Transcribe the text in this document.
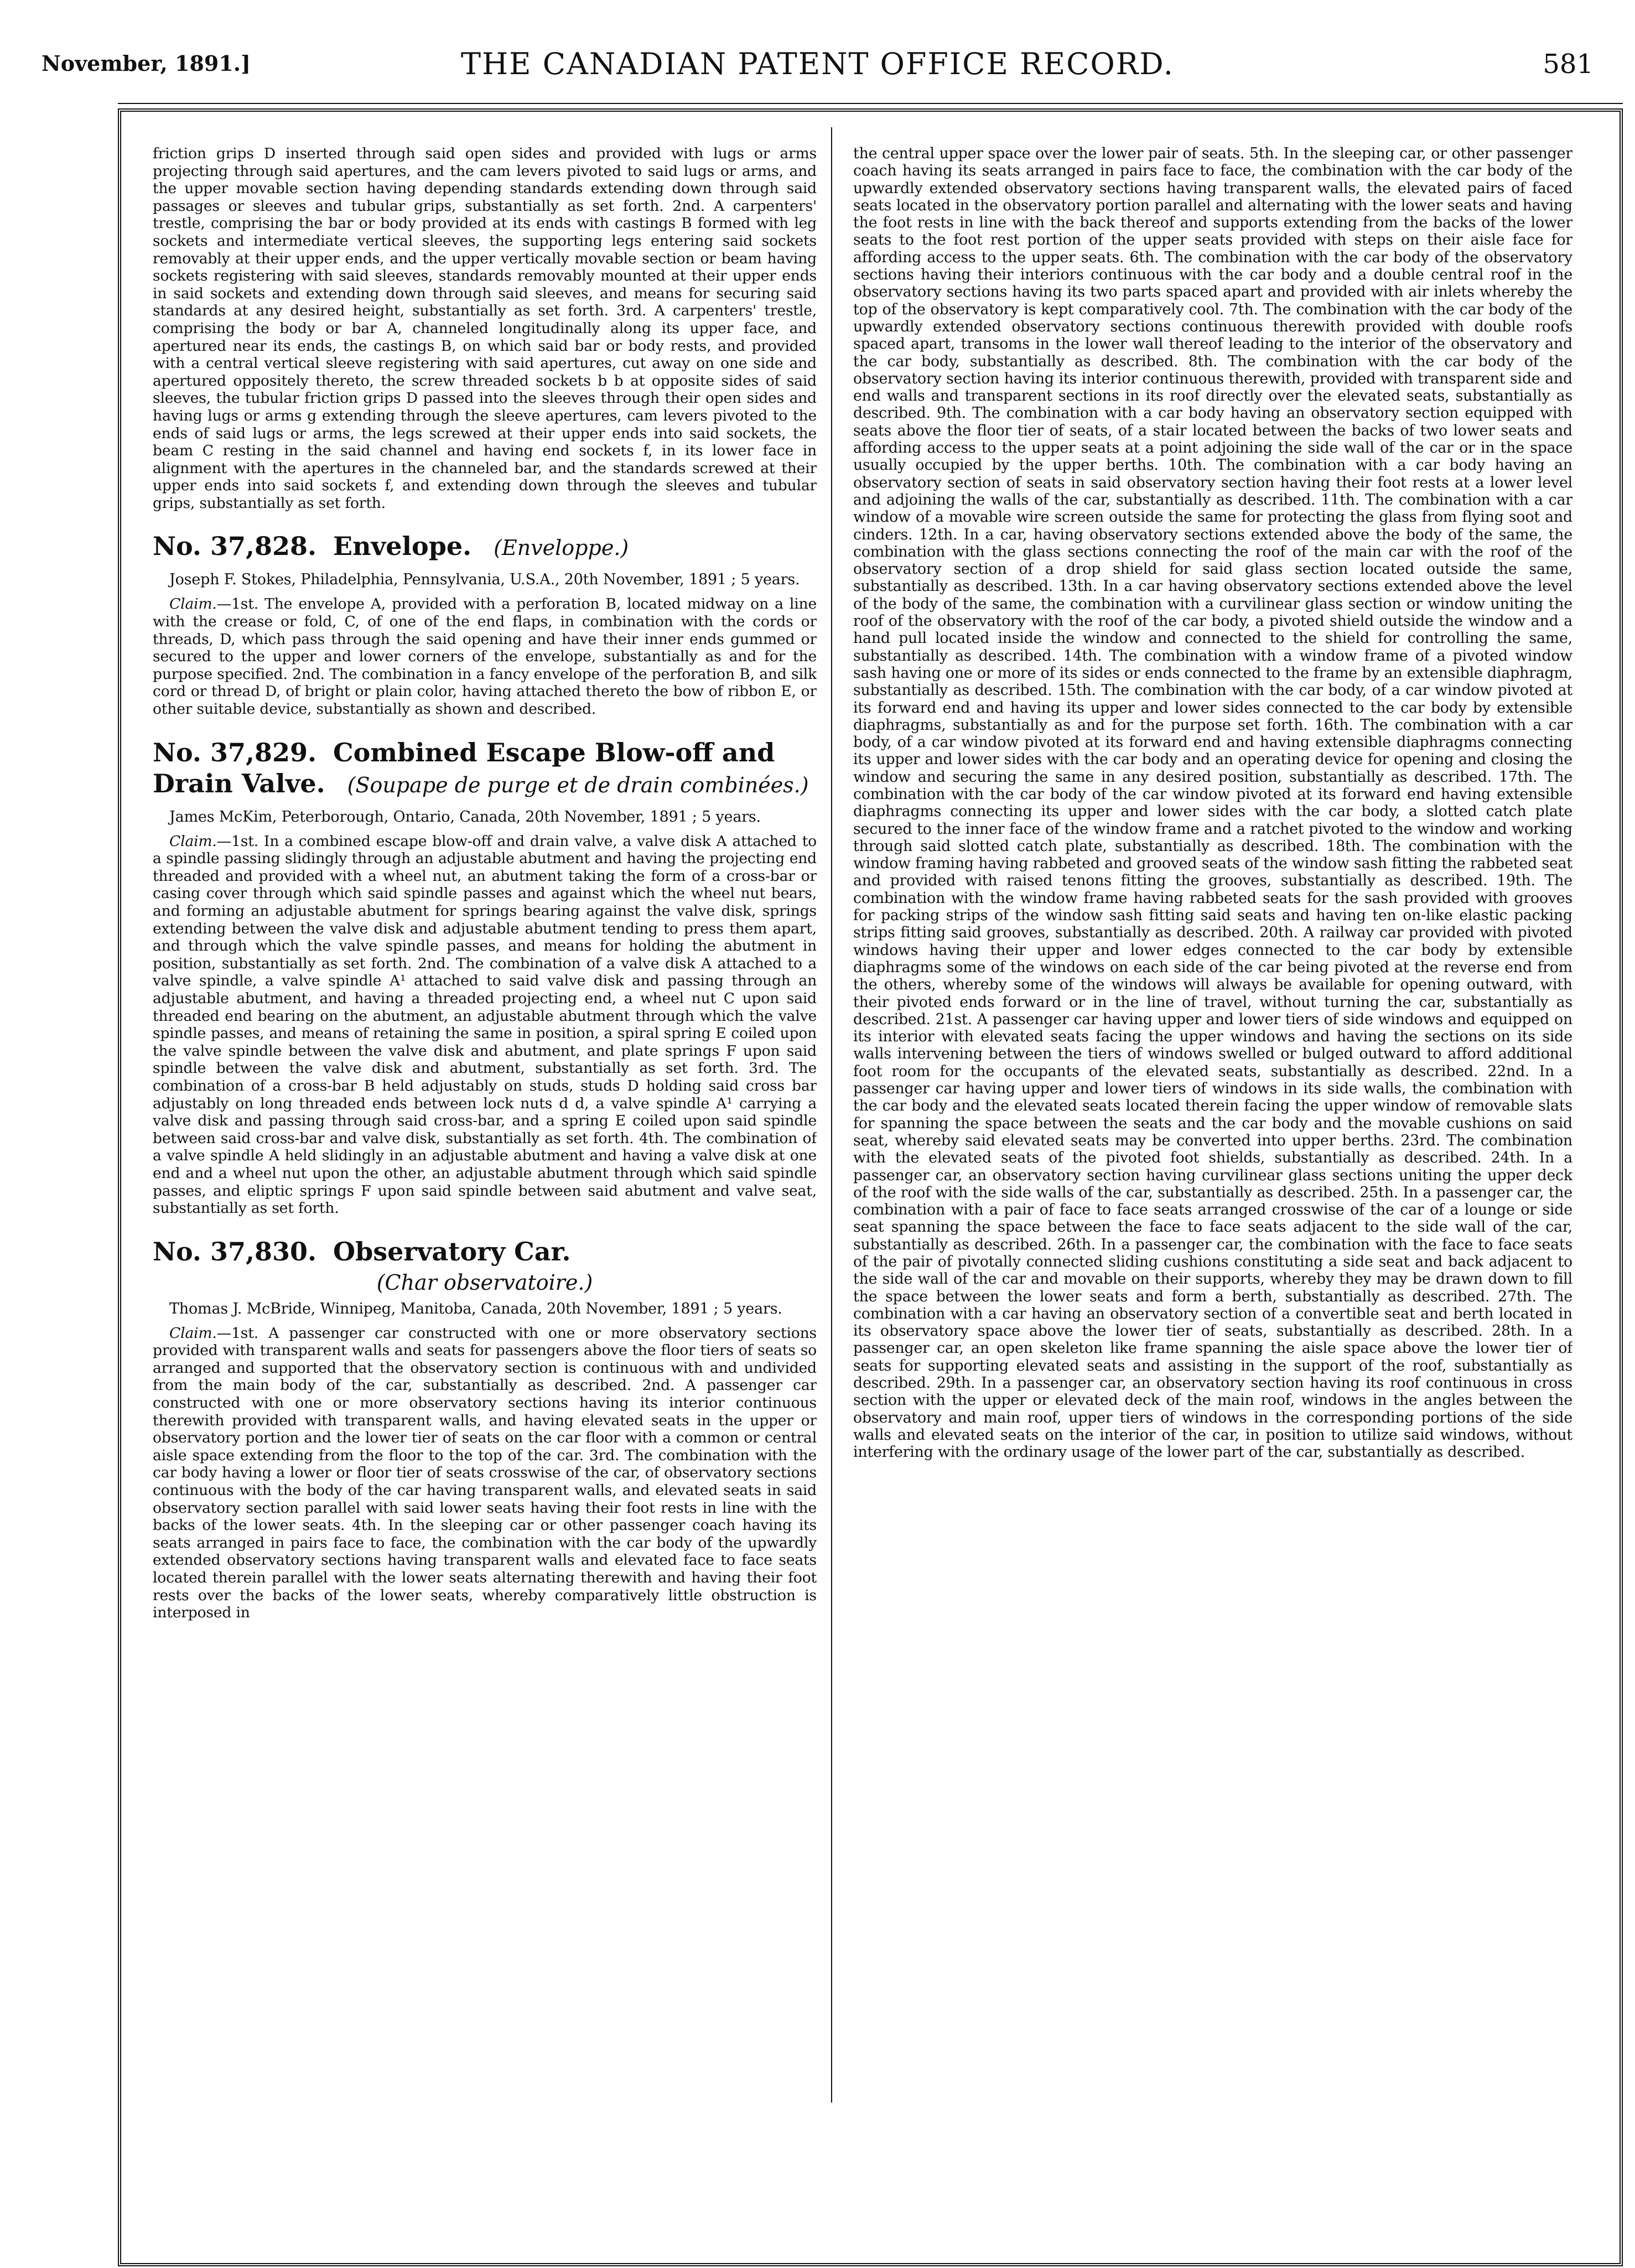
November, 1891.]	THE CANADIAN PATENT OFFICE RECORD.	581

friction grips D inserted through said open sides and provided with lugs or arms projecting through said apertures, and the cam levers pivoted to said lugs or arms, and the upper movable section having depending standards extending down through said passages or sleeves and tubular grips, substantially as set forth. 2nd. A carpenters' trestle, comprising the bar or body provided at its ends with castings B formed with leg sockets and intermediate vertical sleeves, the supporting legs entering said sockets removably at their upper ends, and the upper vertically movable section or beam having sockets registering with said sleeves, standards removably mounted at their upper ends in said sockets and extending down through said sleeves, and means for securing said standards at any desired height, substantially as set forth. 3rd. A carpenters' trestle, comprising the body or bar A, channeled longitudinally along its upper face, and apertured near its ends, the castings B, on which said bar or body rests, and provided with a central vertical sleeve registering with said apertures, cut away on one side and apertured oppositely thereto, the screw threaded sockets b b at opposite sides of said sleeves, the tubular friction grips D passed into the sleeves through their open sides and having lugs or arms g extending through the sleeve apertures, cam levers pivoted to the ends of said lugs or arms, the legs screwed at their upper ends into said sockets, the beam C resting in the said channel and having end sockets f, in its lower face in alignment with the apertures in the channeled bar, and the standards screwed at their upper ends into said sockets f, and extending down through the sleeves and tubular grips, substantially as set forth.

No. 37,828. Envelope. (Enveloppe.)

Joseph F. Stokes, Philadelphia, Pennsylvania, U.S.A., 20th November, 1891 ; 5 years.

Claim.—1st. The envelope A, provided with a perforation B, located midway on a line with the crease or fold, C, of one of the end flaps, in combination with the cords or threads, D, which pass through the said opening and have their inner ends gummed or secured to the upper and lower corners of the envelope, substantially as and for the purpose specified. 2nd. The combination in a fancy envelope of the perforation B, and silk cord or thread D, of bright or plain color, having attached thereto the bow of ribbon E, or other suitable device, substantially as shown and described.

No. 37,829. Combined Escape Blow-off and Drain Valve. (Soupape de purge et de drain combinées.)

James McKim, Peterborough, Ontario, Canada, 20th November, 1891 ; 5 years.

Claim.—1st. In a combined escape blow-off and drain valve, a valve disk A attached to a spindle passing slidingly through an adjustable abutment and having the projecting end threaded and provided with a wheel nut, an abutment taking the form of a cross-bar or casing cover through which said spindle passes and against which the wheel nut bears, and forming an adjustable abutment for springs bearing against the valve disk, springs extending between the valve disk and adjustable abutment tending to press them apart, and through which the valve spindle passes, and means for holding the abutment in position, substantially as set forth. 2nd. The combination of a valve disk A attached to a valve spindle, a valve spindle A¹ attached to said valve disk and passing through an adjustable abutment, and having a threaded projecting end, a wheel nut C upon said threaded end bearing on the abutment, an adjustable abutment through which the valve spindle passes, and means of retaining the same in position, a spiral spring E coiled upon the valve spindle between the valve disk and abutment, and plate springs F upon said spindle between the valve disk and abutment, substantially as set forth. 3rd. The combination of a cross-bar B held adjustably on studs, studs D holding said cross bar adjustably on long threaded ends between lock nuts d d, a valve spindle A¹ carrying a valve disk and passing through said cross-bar, and a spring E coiled upon said spindle between said cross-bar and valve disk, substantially as set forth. 4th. The combination of a valve spindle A held slidingly in an adjustable abutment and having a valve disk at one end and a wheel nut upon the other, an adjustable abutment through which said spindle passes, and eliptic springs F upon said spindle between said abutment and valve seat, substantially as set forth.

No. 37,830. Observatory Car.

(Char observatoire.)

Thomas J. McBride, Winnipeg, Manitoba, Canada, 20th November, 1891 ; 5 years.

Claim.—1st. A passenger car constructed with one or more observatory sections provided with transparent walls and seats for passengers above the floor tiers of seats so arranged and supported that the observatory section is continuous with and undivided from the main body of the car, substantially as described. 2nd. A passenger car constructed with one or more observatory sections having its interior continuous therewith provided with transparent walls, and having elevated seats in the upper or observatory portion and the lower tier of seats on the car floor with a common or central aisle space extending from the floor to the top of the car. 3rd. The combination with the car body having a lower or floor tier of seats crosswise of the car, of observatory sections continuous with the body of the car having transparent walls, and elevated seats in said observatory section parallel with said lower seats having their foot rests in line with the backs of the lower seats. 4th. In the sleeping car or other passenger coach having its seats arranged in pairs face to face, the combination with the car body of the upwardly extended observatory sections having transparent walls and elevated face to face seats located therein parallel with the lower seats alternating therewith and having their foot rests over the backs of the lower seats, whereby comparatively little obstruction is interposed in

the central upper space over the lower pair of seats. 5th. In the sleeping car, or other passenger coach having its seats arranged in pairs face to face, the combination with the car body of the upwardly extended observatory sections having transparent walls, the elevated pairs of faced seats located in the observatory portion parallel and alternating with the lower seats and having the foot rests in line with the back thereof and supports extending from the backs of the lower seats to the foot rest portion of the upper seats provided with steps on their aisle face for affording access to the upper seats. 6th. The combination with the car body of the observatory sections having their interiors continuous with the car body and a double central roof in the observatory sections having its two parts spaced apart and provided with air inlets whereby the top of the observatory is kept comparatively cool. 7th. The combination with the car body of the upwardly extended observatory sections continuous therewith provided with double roofs spaced apart, transoms in the lower wall thereof leading to the interior of the observatory and the car body, substantially as described. 8th. The combination with the car body of the observatory section having its interior continuous therewith, provided with transparent side and end walls and transparent sections in its roof directly over the elevated seats, substantially as described. 9th. The combination with a car body having an observatory section equipped with seats above the floor tier of seats, of a stair located between the backs of two lower seats and affording access to the upper seats at a point adjoining the side wall of the car or in the space usually occupied by the upper berths. 10th. The combination with a car body having an observatory section of seats in said observatory section having their foot rests at a lower level and adjoining the walls of the car, substantially as described. 11th. The combination with a car window of a movable wire screen outside the same for protecting the glass from flying soot and cinders. 12th. In a car, having observatory sections extended above the body of the same, the combination with the glass sections connecting the roof of the main car with the roof of the observatory section of a drop shield for said glass section located outside the same, substantially as described. 13th. In a car having observatory sections extended above the level of the body of the same, the combination with a curvilinear glass section or window uniting the roof of the observatory with the roof of the car body, a pivoted shield outside the window and a hand pull located inside the window and connected to the shield for controlling the same, substantially as described. 14th. The combination with a window frame of a pivoted window sash having one or more of its sides or ends connected to the frame by an extensible diaphragm, substantially as described. 15th. The combination with the car body, of a car window pivoted at its forward end and having its upper and lower sides connected to the car body by extensible diaphragms, substantially as and for the purpose set forth. 16th. The combination with a car body, of a car window pivoted at its forward end and having extensible diaphragms connecting its upper and lower sides with the car body and an operating device for opening and closing the window and securing the same in any desired position, substantially as described. 17th. The combination with the car body of the car window pivoted at its forward end having extensible diaphragms connecting its upper and lower sides with the car body, a slotted catch plate secured to the inner face of the window frame and a ratchet pivoted to the window and working through said slotted catch plate, substantially as described. 18th. The combination with the window framing having rabbeted and grooved seats of the window sash fitting the rabbeted seat and provided with raised tenons fitting the grooves, substantially as described. 19th. The combination with the window frame having rabbeted seats for the sash provided with grooves for packing strips of the window sash fitting said seats and having ten on-like elastic packing strips fitting said grooves, substantially as described. 20th. A railway car provided with pivoted windows having their upper and lower edges connected to the car body by extensible diaphragms some of the windows on each side of the car being pivoted at the reverse end from the others, whereby some of the windows will always be available for opening outward, with their pivoted ends forward or in the line of travel, without turning the car, substantially as described. 21st. A passenger car having upper and lower tiers of side windows and equipped on its interior with elevated seats facing the upper windows and having the sections on its side walls intervening between the tiers of windows swelled or bulged outward to afford additional foot room for the occupants of the elevated seats, substantially as described. 22nd. In a passenger car having upper and lower tiers of windows in its side walls, the combination with the car body and the elevated seats located therein facing the upper window of removable slats for spanning the space between the seats and the car body and the movable cushions on said seat, whereby said elevated seats may be converted into upper berths. 23rd. The combination with the elevated seats of the pivoted foot shields, substantially as described. 24th. In a passenger car, an observatory section having curvilinear glass sections uniting the upper deck of the roof with the side walls of the car, substantially as described. 25th. In a passenger car, the combination with a pair of face to face seats arranged crosswise of the car of a lounge or side seat spanning the space between the face to face seats adjacent to the side wall of the car, substantially as described. 26th. In a passenger car, the combination with the face to face seats of the pair of pivotally connected sliding cushions constituting a side seat and back adjacent to the side wall of the car and movable on their supports, whereby they may be drawn down to fill the space between the lower seats and form a berth, substantially as described. 27th. The combination with a car having an observatory section of a convertible seat and berth located in its observatory space above the lower tier of seats, substantially as described. 28th. In a passenger car, an open skeleton like frame spanning the aisle space above the lower tier of seats for supporting elevated seats and assisting in the support of the roof, substantially as described. 29th. In a passenger car, an observatory section having its roof continuous in cross section with the upper or elevated deck of the main roof, windows in the angles between the observatory and main roof, upper tiers of windows in the corresponding portions of the side walls and elevated seats on the interior of the car, in position to utilize said windows, without interfering with the ordinary usage of the lower part of the car, substantially as described.
